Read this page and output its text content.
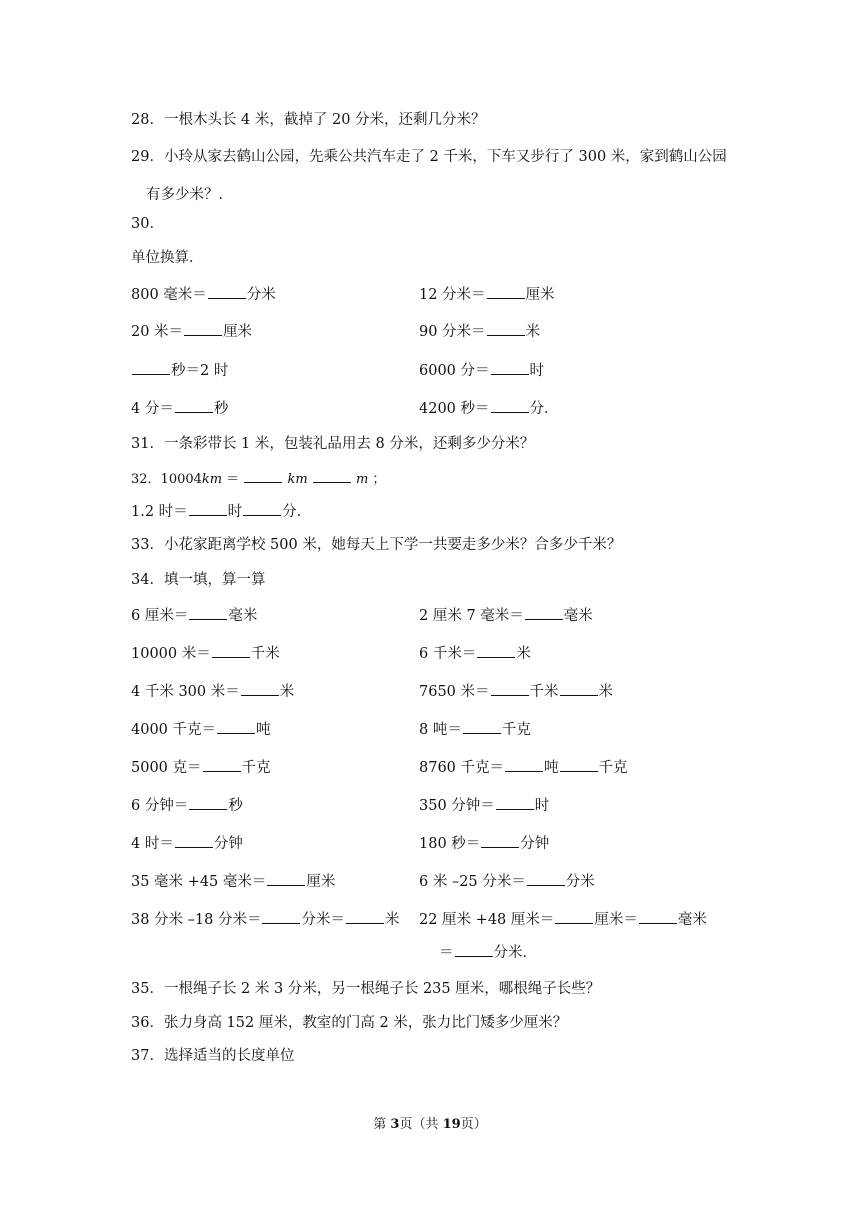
28．一根木头长 4 米，截掉了 20 分米，还剩几分米？
29．小玲从家去鹤山公园，先乘公共汽车走了 2 千米，下车又步行了 300 米，家到鹤山公园
有多少米？．
30．
单位换算．
800 毫米＝	分米	12 分米＝	厘米
20 米＝	厘米	90 分米＝	米
秒＝2 时	6000 分＝	时
4 分＝	秒	4200 秒＝	分．
31．一条彩带长 1 米，包装礼品用去 8 分米，还剩多少分米？
32．10004km ＝	km	m ；
1.2 时＝	时	分．
33．小花家距离学校 500 米，她每天上下学一共要走多少米？合多少千米？
34．填一填，算一算
6 厘米＝	毫米	2 厘米 7 毫米＝	毫米
10000 米＝	千米	6 千米＝	米
4 千米 300 米＝	米	7650 米＝	千米	米
4000 千克＝	吨	8 吨＝	千克
5000 克＝	千克	8760 千克＝	吨	千克
6 分钟＝	秒	350 分钟＝	时
4 时＝	分钟	180 秒＝	分钟
35 毫米 +45 毫米＝	厘米	6 米 –25 分米＝	分米
38 分米 –18 分米＝	分米＝	米 22 厘米 +48 厘米＝	厘米＝	毫米
＝	分米．
35．一根绳子长 2 米 3 分米，另一根绳子长 235 厘米，哪根绳子长些？
36．张力身高 152 厘米，教室的门高 2 米，张力比门矮多少厘米？
37．选择适当的长度单位
第 3页（共 19页）
